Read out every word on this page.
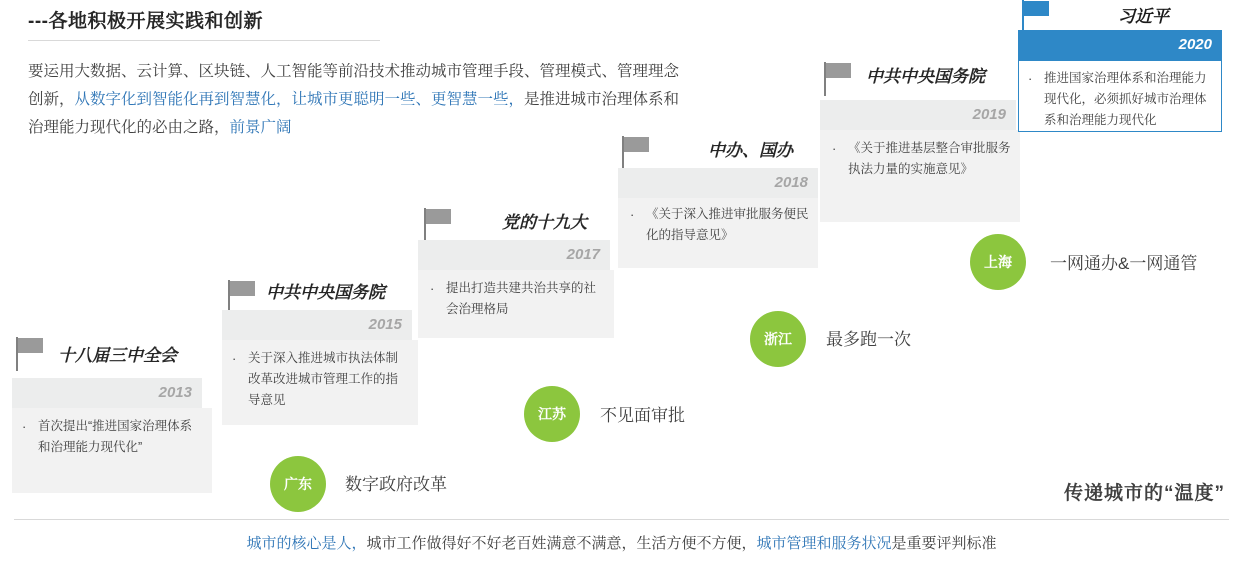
---各地积极开展实践和创新
要运用大数据、云计算、区块链、人工智能等前沿技术推动城市管理手段、管理模式、管理理念创新，从数字化到智能化再到智慧化，让城市更聪明一些、更智慧一些，是推进城市治理体系和治理能力现代化的必由之路，前景广阔
十八届三中全会
2013
· 首次提出“推进国家治理体系和治理能力现代化”
中共中央国务院
2015
· 关于深入推进城市执法体制改革改进城市管理工作的指导意见
党的十九大
2017
· 提出打造共建共治共享的社会治理格局
中办、国办
2018
· 《关于深入推进审批服务便民化的指导意见》
中共中央国务院
2019
· 《关于推进基层整合审批服务执法力量的实施意见》
习近平
2020
· 推进国家治理体系和治理能力现代化，必须抓好城市治理体系和治理能力现代化
广东	数字政府改革
江苏	不见面审批
浙江	最多跑一次
上海	一网通办&一网通管
传递城市的“温度”
城市的核心是人，城市工作做得好不好老百姓满意不满意，生活方便不方便，城市管理和服务状况是重要评判标准
